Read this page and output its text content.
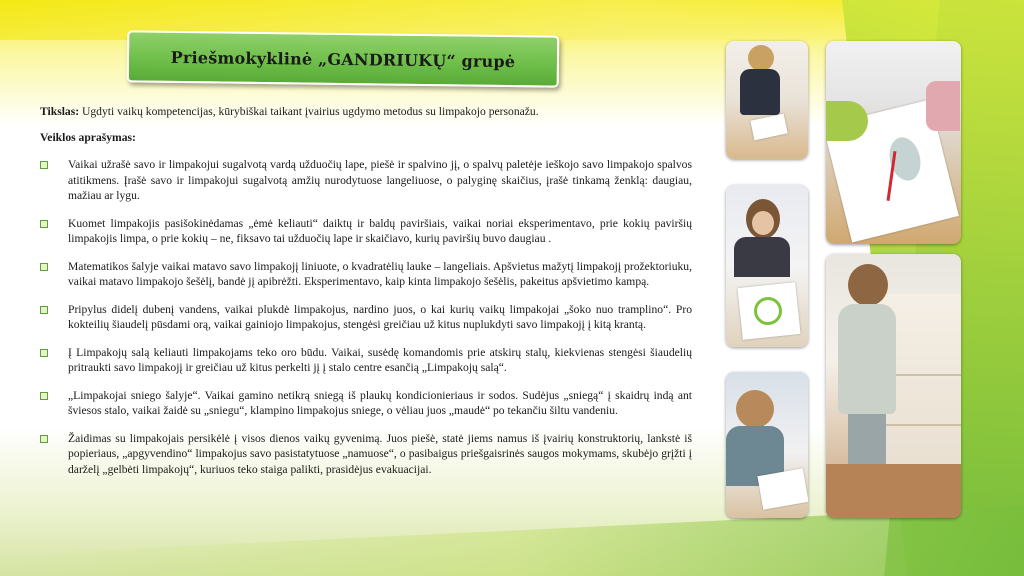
Priešmokyklinė „GANDRIUKŲ“ grupė
Tikslas: Ugdyti vaikų kompetencijas, kūrybiškai taikant įvairius ugdymo metodus su limpakojo personažu.
Veiklos aprašymas:
Vaikai užrašė savo ir limpakojui sugalvotą vardą užduočių lape, piešė ir spalvino jį, o spalvų paletėje ieškojo savo limpakojo spalvos atitikmens. Įrašė savo ir limpakojui sugalvotą amžių nurodytuose langeliuose, o palyginę skaičius, įrašė tinkamą ženklą: daugiau, mažiau ar lygu.
Kuomet limpakojis pasišokinėdamas „ėmė keliauti“ daiktų ir baldų paviršiais, vaikai noriai eksperimentavo, prie kokių paviršių limpakojis limpa, o prie kokių – ne, fiksavo tai užduočių lape ir skaičiavo, kurių paviršių buvo daugiau .
Matematikos šalyje vaikai matavo savo limpakojį liniuote, o kvadratėlių lauke – langeliais. Apšvietus mažytį limpakojį prožektoriuku, vaikai matavo limpakojo šešėlį, bandė jį apibrėžti. Eksperimentavo, kaip kinta limpakojo šešėlis, pakeitus apšvietimo kampą.
Pripylus didelį dubenį vandens, vaikai plukdė limpakojus, nardino juos, o kai kurių vaikų limpakojai „šoko nuo tramplino“. Pro kokteilių šiaudelį pūsdami orą, vaikai gainiojo limpakojus, stengėsi greičiau už kitus nuplukdyti savo limpakojį į kitą krantą.
Į Limpakojų salą keliauti limpakojams teko oro būdu. Vaikai, susėdę komandomis prie atskirų stalų, kiekvienas stengėsi šiaudelių pritraukti savo limpakojį ir greičiau už kitus perkelti jį į stalo centre esančią „Limpakojų salą“.
„Limpakojai sniego šalyje“. Vaikai gamino netikrą sniegą iš plaukų kondicionieriaus ir sodos. Sudėjus „sniegą“ į skaidrų indą ant šviesos stalo, vaikai žaidė su „sniegu“, klampino limpakojus sniege, o vėliau juos „maudė“ po tekančiu šiltu vandeniu.
Žaidimas su limpakojais persikėlė į visos dienos vaikų gyvenimą. Juos piešė, statė jiems namus iš įvairių konstruktorių, lankstė iš popieriaus, „apgyvendino“ limpakojus savo pasistatytuose „namuose“, o pasibaigus priešgaisrinės saugos mokymams, skubėjo grįžti į darželį „gelbėti limpakojų“, kuriuos teko staiga palikti, prasidėjus evakuacijai.
